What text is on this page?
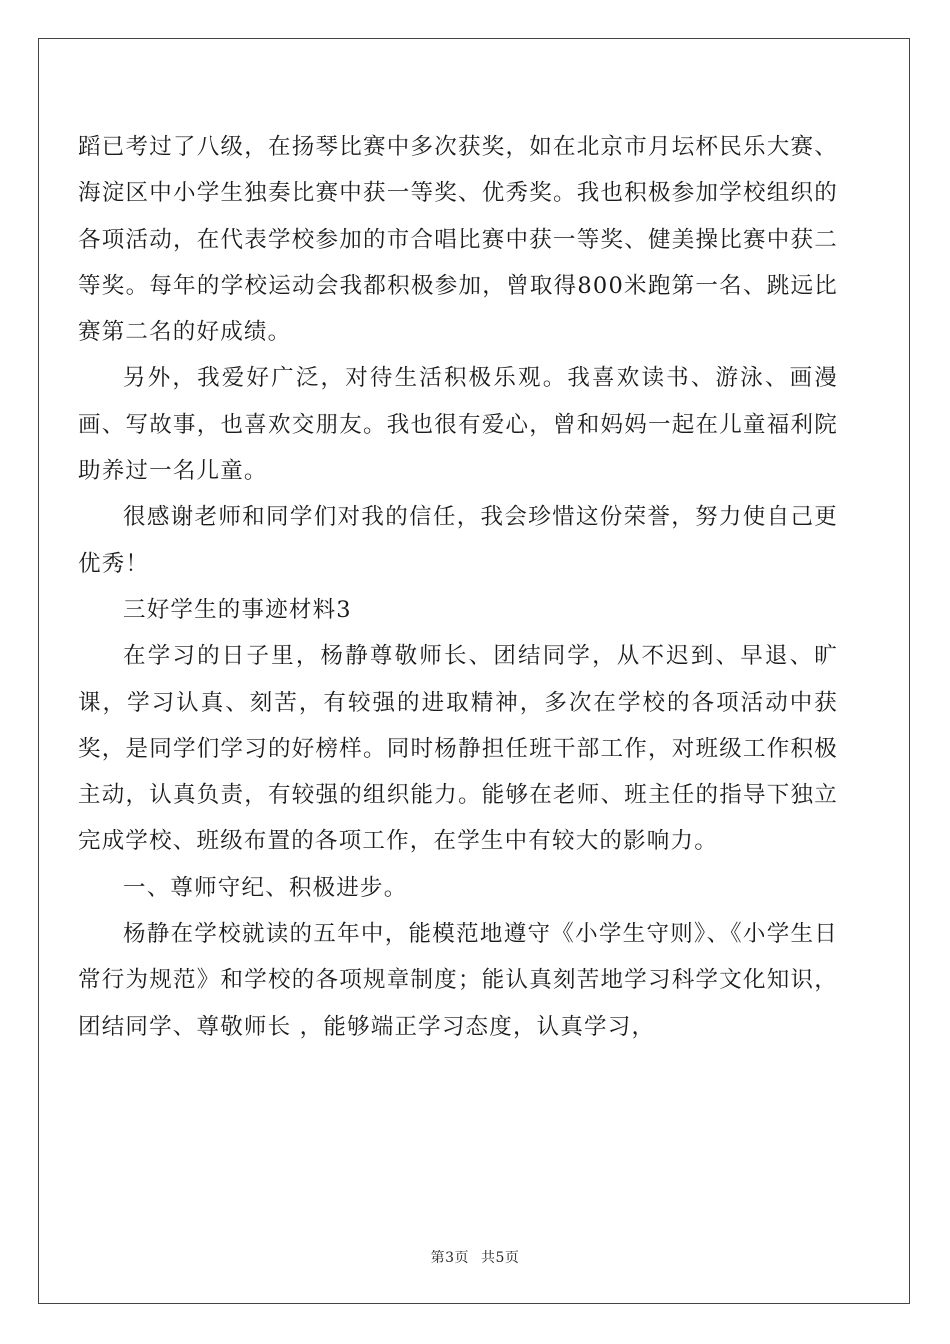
蹈已考过了八级，在扬琴比赛中多次获奖，如在北京市月坛杯民乐大赛、海淀区中小学生独奏比赛中获一等奖、优秀奖。我也积极参加学校组织的各项活动，在代表学校参加的市合唱比赛中获一等奖、健美操比赛中获二等奖。每年的学校运动会我都积极参加，曾取得800米跑第一名、跳远比赛第二名的好成绩。

另外，我爱好广泛，对待生活积极乐观。我喜欢读书、游泳、画漫画、写故事，也喜欢交朋友。我也很有爱心，曾和妈妈一起在儿童福利院助养过一名儿童。

很感谢老师和同学们对我的信任，我会珍惜这份荣誉，努力使自己更优秀！

三好学生的事迹材料3

在学习的日子里，杨静尊敬师长、团结同学，从不迟到、早退、旷课，学习认真、刻苦，有较强的进取精神，多次在学校的各项活动中获奖，是同学们学习的好榜样。同时杨静担任班干部工作，对班级工作积极主动，认真负责，有较强的组织能力。能够在老师、班主任的指导下独立完成学校、班级布置的各项工作，在学生中有较大的影响力。

一、尊师守纪、积极进步。

杨静在学校就读的五年中，能模范地遵守《小学生守则》、《小学生日常行为规范》和学校的各项规章制度；能认真刻苦地学习科学文化知识，团结同学、尊敬师长 ，能够端正学习态度，认真学习，

第3页 共5页
